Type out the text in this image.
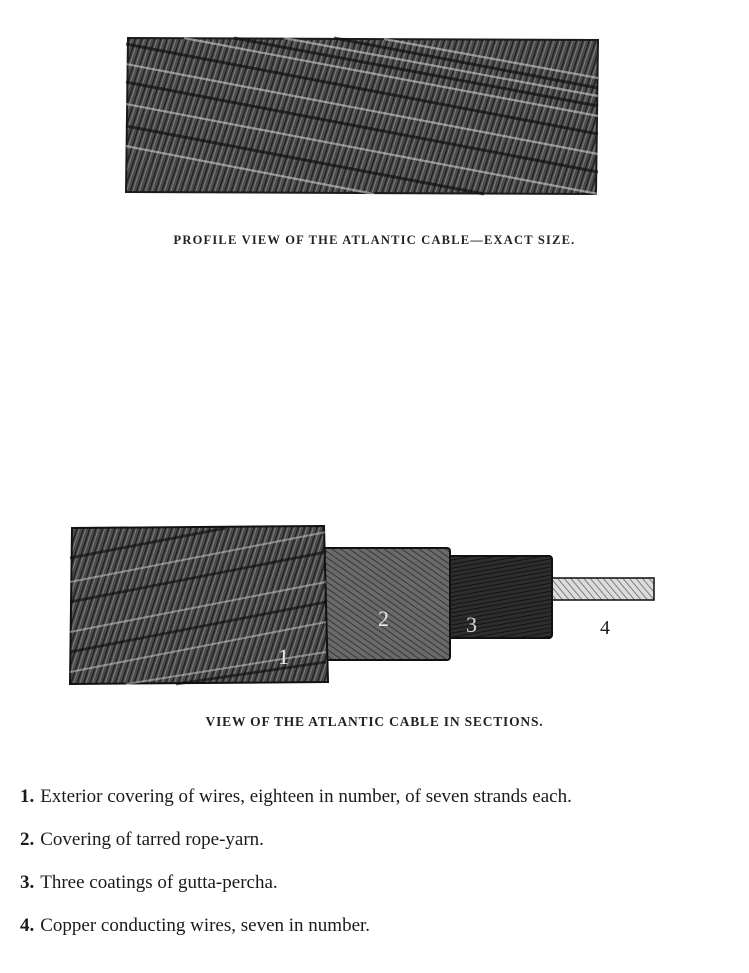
PROFILE VIEW OF THE ATLANTIC CABLE—EXACT SIZE.
1
2	3	4
VIEW OF THE ATLANTIC CABLE IN SECTIONS.
1. Exterior covering of wires, eighteen in number, of seven strands each.
2. Covering of tarred rope-yarn.
3. Three coatings of gutta-percha.
4. Copper conducting wires, seven in number.
